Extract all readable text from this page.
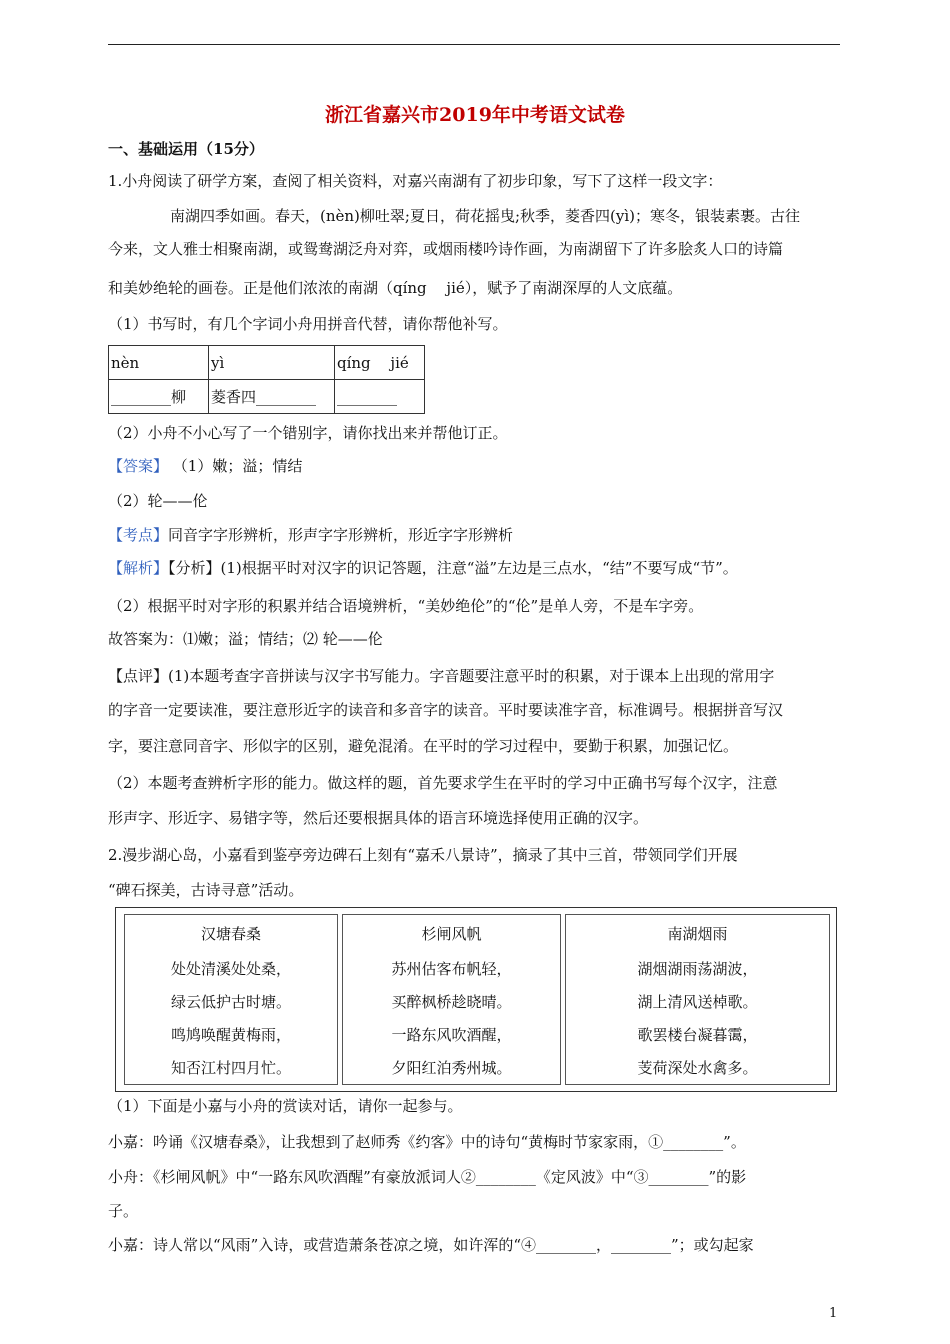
浙江省嘉兴市2019年中考语文试卷
一、基础运用（15分）
1.小舟阅读了研学方案，查阅了相关资料，对嘉兴南湖有了初步印象，写下了这样一段文字：
南湖四季如画。春天，(nèn)柳吐翠;夏日，荷花摇曳;秋季，菱香四(yì)；寒冬，银装素裹。古往
今来，文人雅士相聚南湖，或鸳鸯湖泛舟对弈，或烟雨楼吟诗作画，为南湖留下了许多脍炙人口的诗篇
和美妙绝轮的画卷。正是他们浓浓的南湖（qíng　 jié），赋予了南湖深厚的人文底蕴。
（1）书写时，有几个字词小舟用拼音代替，请你帮他补写。
nèn	yì	qíng　 jié
________柳	菱香四________	________
（2）小舟不小心写了一个错别字，请你找出来并帮他订正。
【答案】 （1）嫩；溢；情结
（2）轮——伦
【考点】同音字字形辨析，形声字字形辨析，形近字字形辨析
【解析】【分析】(1)根据平时对汉字的识记答题，注意“溢”左边是三点水，“结”不要写成“节”。
（2）根据平时对字形的积累并结合语境辨析，“美妙绝伦”的“伦”是单人旁，不是车字旁。
故答案为：⑴嫩；溢；情结；⑵ 轮——伦
【点评】(1)本题考查字音拼读与汉字书写能力。字音题要注意平时的积累，对于课本上出现的常用字
的字音一定要读准，要注意形近字的读音和多音字的读音。平时要读准字音，标准调号。根据拼音写汉
字，要注意同音字、形似字的区别，避免混淆。在平时的学习过程中，要勤于积累，加强记忆。
（2）本题考查辨析字形的能力。做这样的题，首先要求学生在平时的学习中正确书写每个汉字，注意
形声字、形近字、易错字等，然后还要根据具体的语言环境选择使用正确的汉字。
2.漫步湖心岛，小嘉看到鉴亭旁边碑石上刻有“嘉禾八景诗”，摘录了其中三首，带领同学们开展
“碑石探美，古诗寻意”活动。
汉塘春桑
处处清溪处处桑，
绿云低护古时塘。
鸣鸠唤醒黄梅雨，
知否江村四月忙。
杉闸风帆
苏州估客布帆轻，
买醉枫桥趁晓晴。
一路东风吹酒醒，
夕阳红泊秀州城。
南湖烟雨
湖烟湖雨荡湖波，
湖上清风送棹歌。
歌罢楼台凝暮霭，
芰荷深处水禽多。
（1）下面是小嘉与小舟的赏读对话，请你一起参与。
小嘉：吟诵《汉塘春桑》，让我想到了赵师秀《约客》中的诗句“黄梅时节家家雨，①________”。
小舟：《杉闸风帆》中“一路东风吹酒醒”有豪放派词人②________《定风波》中“③________”的影
子。
小嘉：诗人常以“风雨”入诗，或营造萧条苍凉之境，如许浑的“④________，________”；或勾起家
1
